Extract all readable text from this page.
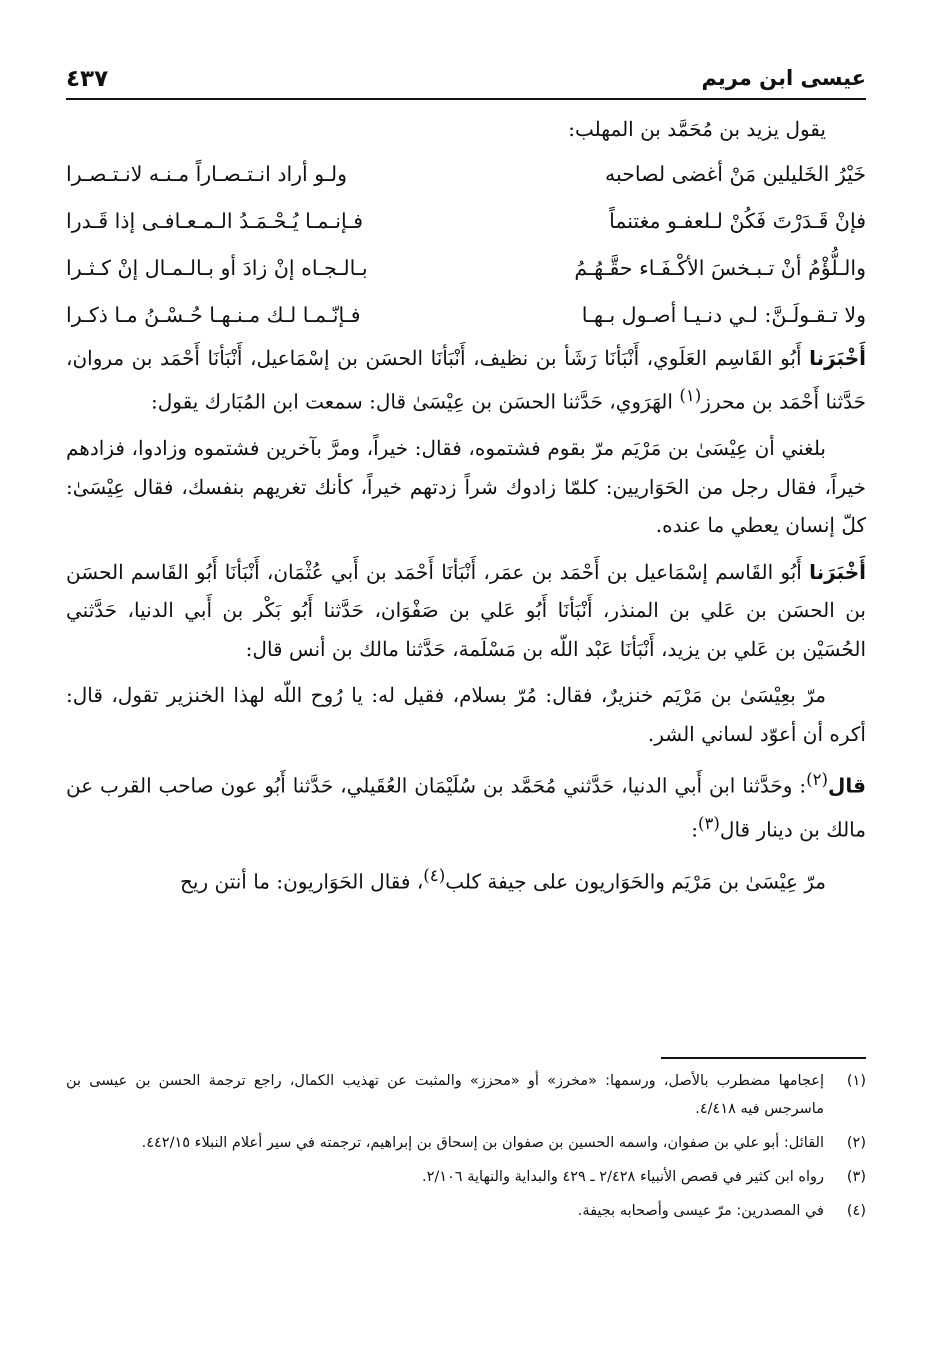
عيسى ابن مريم
٤٣٧

يقول يزيد بن مُحَمَّد بن المهلب:

خَيْرُ الخَليلين مَنْ أغضى لصاحبه
ولـو أراد انـتـصـاراً مـنـه لانـتـصـرا
فإنْ قَـدَرْتَ فَكُنْ لـلعفـو مغتنماً
فـإنـمـا يُـحْـمَـدُ الـمـعـافـى إذا قَـدرا
والـلُّؤْمُ أنْ تـبـخسَ الأكْـفَـاء حقَّـهُـمُ
بـالـجـاه إنْ زادَ أو بـالـمـال إنْ كـثـرا
ولا تـقـولَـنَّ: لـي دنـيـا أصـول بـهـا
فـإنّـمـا لـك مـنـهـا حُـسْـنُ مـا ذكـرا

أَخْبَرَنا أَبُو القَاسِم العَلَوي، أَنْبَأنَا رَشَأ بن نظيف، أَنْبَأنَا الحسَن بن إسْمَاعيل، أَنْبَأنَا أَحْمَد بن مروان، حَدَّثنا أَحْمَد بن محرز$^{(١)}$ الهَرَوي، حَدَّثنا الحسَن بن عِيْسَىٰ قال: سمعت ابن المُبَارك يقول:

بلغني أن عِيْسَىٰ بن مَرْيَم مرّ بقوم فشتموه، فقال: خيراً، ومرَّ بآخرين فشتموه وزادوا، فزادهم خيراً، فقال رجل من الحَوَاريين: كلمّا زادوك شراً زدتهم خيراً، كأنك تغريهم بنفسك، فقال عِيْسَىٰ: كلّ إنسان يعطي ما عنده.

أَخْبَرَنا أَبُو القَاسم إسْمَاعيل بن أَحْمَد بن عمَر، أَنْبَأنَا أَحْمَد بن أَبي عُثْمَان، أَنْبَأنَا أَبُو القَاسم الحسَن بن الحسَن بن عَلي بن المنذر، أَنْبَأنَا أَبُو عَلي بن صَفْوَان، حَدَّثنا أَبُو بَكْر بن أَبي الدنيا، حَدَّثني الحُسَيْن بن عَلي بن يزيد، أَنْبَأنَا عَبْد اللّه بن مَسْلَمة، حَدَّثنا مالك بن أنس قال:

مرّ بعِيْسَىٰ بن مَرْيَم خنزيرٌ، فقال: مُرّ بسلام، فقيل له: يا رُوح اللّه لهذا الخنزير تقول، قال: أكره أن أعوّد لساني الشر.

قال$^{(٢)}$: وحَدَّثنا ابن أَبي الدنيا، حَدَّثني مُحَمَّد بن سُلَيْمَان العُقَيلي، حَدَّثنا أَبُو عون صاحب القرب عن مالك بن دينار قال$^{(٣)}$:

مرّ عِيْسَىٰ بن مَرْيَم والحَوَاريون على جيفة كلب$^{(٤)}$، فقال الحَوَاريون: ما أنتن ريح

(١)
إعجامها مضطرب بالأصل، ورسمها: «مخرز» أو «محزز» والمثبت عن تهذيب الكمال، راجع ترجمة الحسن بن عيسى بن ماسرجس فيه ٤/٤١٨.
(٢)
القائل: أبو علي بن صفوان، واسمه الحسين بن صفوان بن إسحاق بن إبراهيم، ترجمته في سير أعلام النبلاء ٤٤٢/١٥.
(٣)
رواه ابن كثير في قصص الأنبياء ٢/٤٢٨ ـ ٤٢٩ والبداية والنهاية ٢/١٠٦.
(٤)
في المصدرين: مرّ عيسى وأصحابه بجيفة.
